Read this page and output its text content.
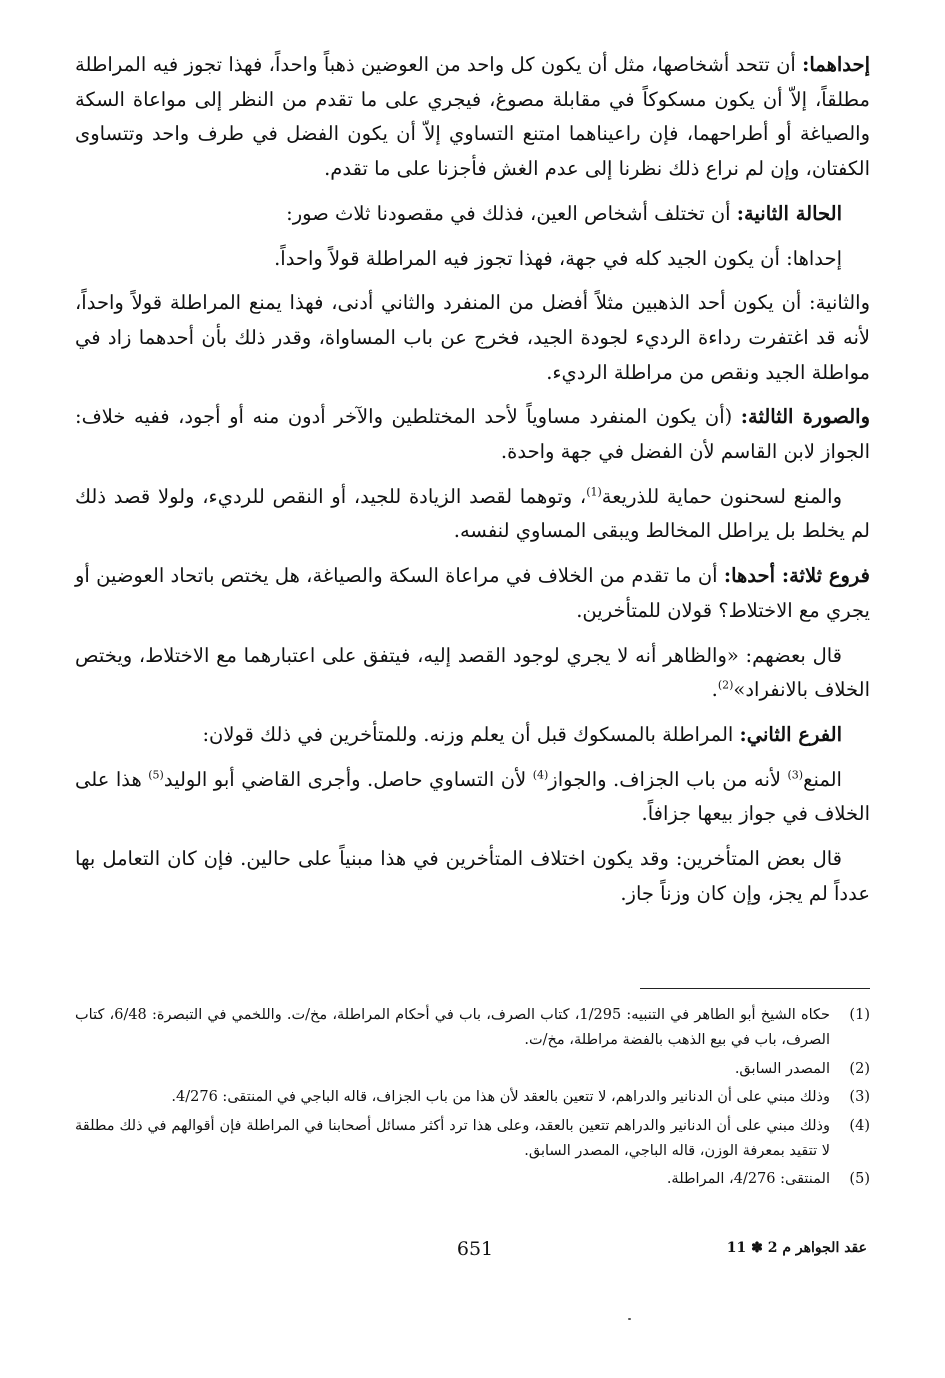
إحداهما: أن تتحد أشخاصها، مثل أن يكون كل واحد من العوضين ذهباً واحداً، فهذا تجوز فيه المراطلة مطلقاً، إلاّ أن يكون مسكوكاً في مقابلة مصوغ، فيجري على ما تقدم من النظر إلى مواعاة السكة والصياغة أو أطراحهما، فإن راعيناهما امتنع التساوي إلاّ أن يكون الفضل في طرف واحد وتتساوى الكفتان، وإن لم نراع ذلك نظرنا إلى عدم الغش فأجزنا على ما تقدم.

الحالة الثانية: أن تختلف أشخاص العين، فذلك في مقصودنا ثلاث صور:

إحداها: أن يكون الجيد كله في جهة، فهذا تجوز فيه المراطلة قولاً واحداً.

والثانية: أن يكون أحد الذهبين مثلاً أفضل من المنفرد والثاني أدنى، فهذا يمنع المراطلة قولاً واحداً، لأنه قد اغتفرت رداءة الرديء لجودة الجيد، فخرج عن باب المساواة، وقدر ذلك بأن أحدهما زاد في مواطلة الجيد ونقص من مراطلة الرديء.

والصورة الثالثة: (أن يكون المنفرد مساوياً لأحد المختلطين والآخر أدون منه أو أجود، ففيه خلاف: الجواز لابن القاسم لأن الفضل في جهة واحدة.

والمنع لسحنون حماية للذريعة$^{(1)}$، وتوهما لقصد الزيادة للجيد، أو النقص للرديء، ولولا قصد ذلك لم يخلط بل يراطل المخالط ويبقى المساوي لنفسه.

فروع ثلاثة: أحدها: أن ما تقدم من الخلاف في مراعاة السكة والصياغة، هل يختص باتحاد العوضين أو يجري مع الاختلاط؟ قولان للمتأخرين.

قال بعضهم: «والظاهر أنه لا يجري لوجود القصد إليه، فيتفق على اعتبارهما مع الاختلاط، ويختص الخلاف بالانفراد»$^{(2)}$.

الفرع الثاني: المراطلة بالمسكوك قبل أن يعلم وزنه. وللمتأخرين في ذلك قولان:

المنع$^{(3)}$ لأنه من باب الجزاف. والجواز$^{(4)}$ لأن التساوي حاصل. وأجرى القاضي أبو الوليد$^{(5)}$ هذا على الخلاف في جواز بيعها جزافاً.

قال بعض المتأخرين: وقد يكون اختلاف المتأخرين في هذا مبنياً على حالين. فإن كان التعامل بها عدداً لم يجز، وإن كان وزناً جاز.

(1)
حكاه الشيخ أبو الطاهر في التنبيه: 1/295، كتاب الصرف، باب في أحكام المراطلة، مخ/ت. واللخمي في التبصرة: 6/48، كتاب الصرف، باب في بيع الذهب بالفضة مراطلة، مخ/ت.
(2)
المصدر السابق.
(3)
وذلك مبني على أن الدنانير والدراهم، لا تتعين بالعقد لأن هذا من باب الجزاف، قاله الباجي في المنتقى: 4/276.
(4)
وذلك مبني على أن الدنانير والدراهم تتعين بالعقد، وعلى هذا ترد أكثر مسائل أصحابنا في المراطلة فإن أقوالهم في ذلك مطلقة لا تتقيد بمعرفة الوزن، قاله الباجي، المصدر السابق.
(5)
المنتقى: 4/276، المراطلة.
651	عقد الجواهر م 2 ✽ 11
